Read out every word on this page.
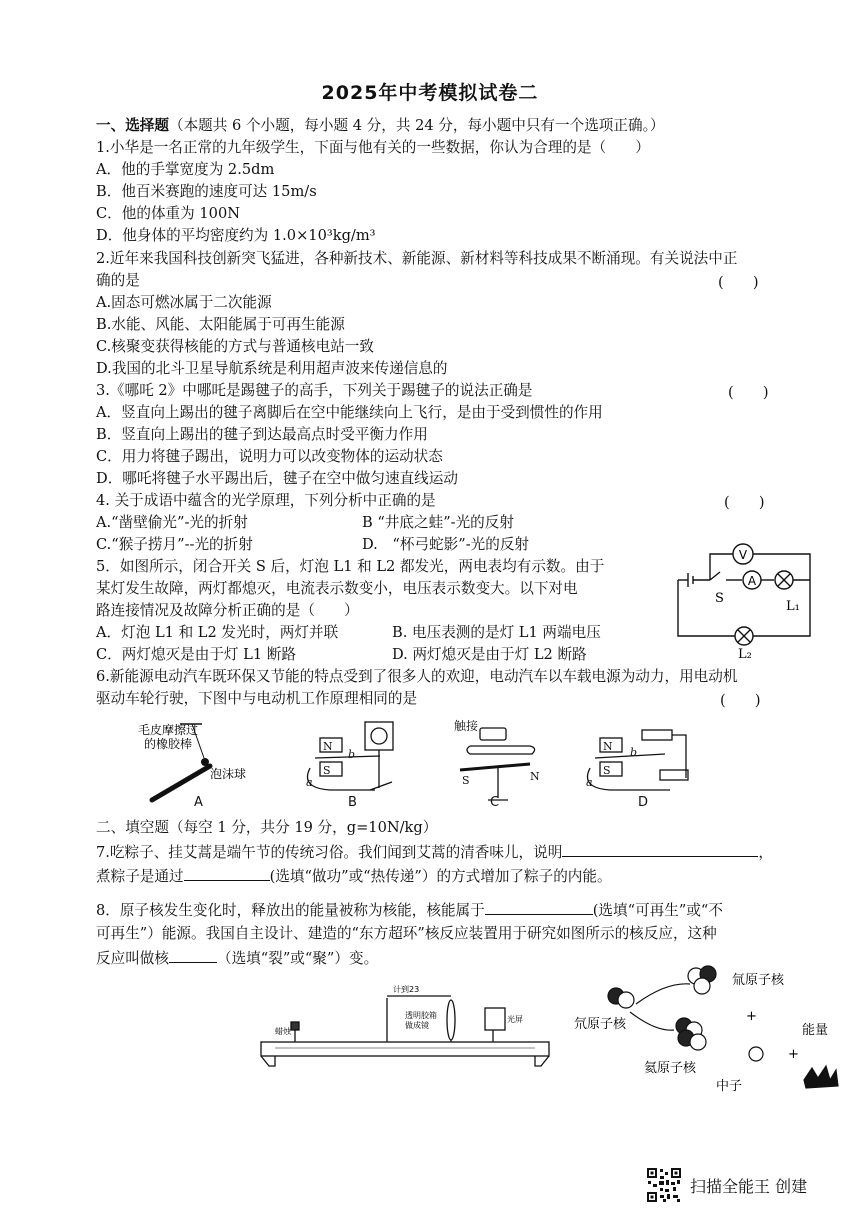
2025年中考模拟试卷二
一、选择题（本题共 6 个小题，每小题 4 分，共 24 分，每小题中只有一个选项正确。）
1.小华是一名正常的九年级学生，下面与他有关的一些数据，你认为合理的是（　　）
A．他的手掌宽度为 2.5dm
B．他百米赛跑的速度可达 15m/s
C．他的体重为 100N
D．他身体的平均密度约为 1.0×10³kg/m³
2.近年来我国科技创新突飞猛进，各种新技术、新能源、新材料等科技成果不断涌现。有关说法中正
确的是	(　　)
A.固态可燃冰属于二次能源
B.水能、风能、太阳能属于可再生能源
C.核聚变获得核能的方式与普通核电站一致
D.我国的北斗卫星导航系统是利用超声波来传递信息的
3.《哪吒 2》中哪吒是踢毽子的高手，下列关于踢毽子的说法正确是	(　　)
A．竖直向上踢出的毽子离脚后在空中能继续向上飞行，是由于受到惯性的作用
B．竖直向上踢出的毽子到达最高点时受平衡力作用
C．用力将毽子踢出，说明力可以改变物体的运动状态
D．哪吒将毽子水平踢出后，毽子在空中做匀速直线运动
4. 关于成语中蕴含的光学原理，下列分析中正确的是	(　　)
A.“凿壁偷光”-光的折射	B “井底之蛙”-光的反射
C.“猴子捞月”--光的折射	D.　“杯弓蛇影”-光的反射
5．如图所示，闭合开关 S 后，灯泡 L1 和 L2 都发光，两电表均有示数。由于
某灯发生故障，两灯都熄灭，电流表示数变小，电压表示数变大。以下对电
路连接情况及故障分析正确的是（　　）
A．灯泡 L1 和 L2 发光时，两灯并联	B. 电压表测的是灯 L1 两端电压
C．两灯熄灭是由于灯 L1 断路	D. 两灯熄灭是由于灯 L2 断路
V
A
S
L₁
L₂
6.新能源电动汽车既环保又节能的特点受到了很多人的欢迎，电动汽车以车载电源为动力，用电动机
驱动车轮行驶，下图中与电动机工作原理相同的是	(　　)
毛皮摩擦过
的橡胶棒
泡沫球
N
S
a
b
触接
S	N
N
S
a
b
A	B	C	D
二、填空题（每空 1 分，共分 19 分，g=10N/kg）
7.吃粽子、挂艾蒿是端午节的传统习俗。我们闻到艾蒿的清香味儿，说明	，
煮粽子是通过	(选填“做功”或“热传递”）的方式增加了粽子的内能。
8．原子核发生变化时，释放出的能量被称为核能，核能属于	(选填“可再生”或“不
可再生”）能源。我国自主设计、建造的“东方超环”核反应装置用于研究如图所示的核反应，这种
反应叫做核	（选填“裂”或“聚”）变。
计到23
蜡烛
透明胶箱
做成镜
光屏
氚原子核
氘原子核
氦原子核
中子
能量
+
+
扫描全能王 创建
